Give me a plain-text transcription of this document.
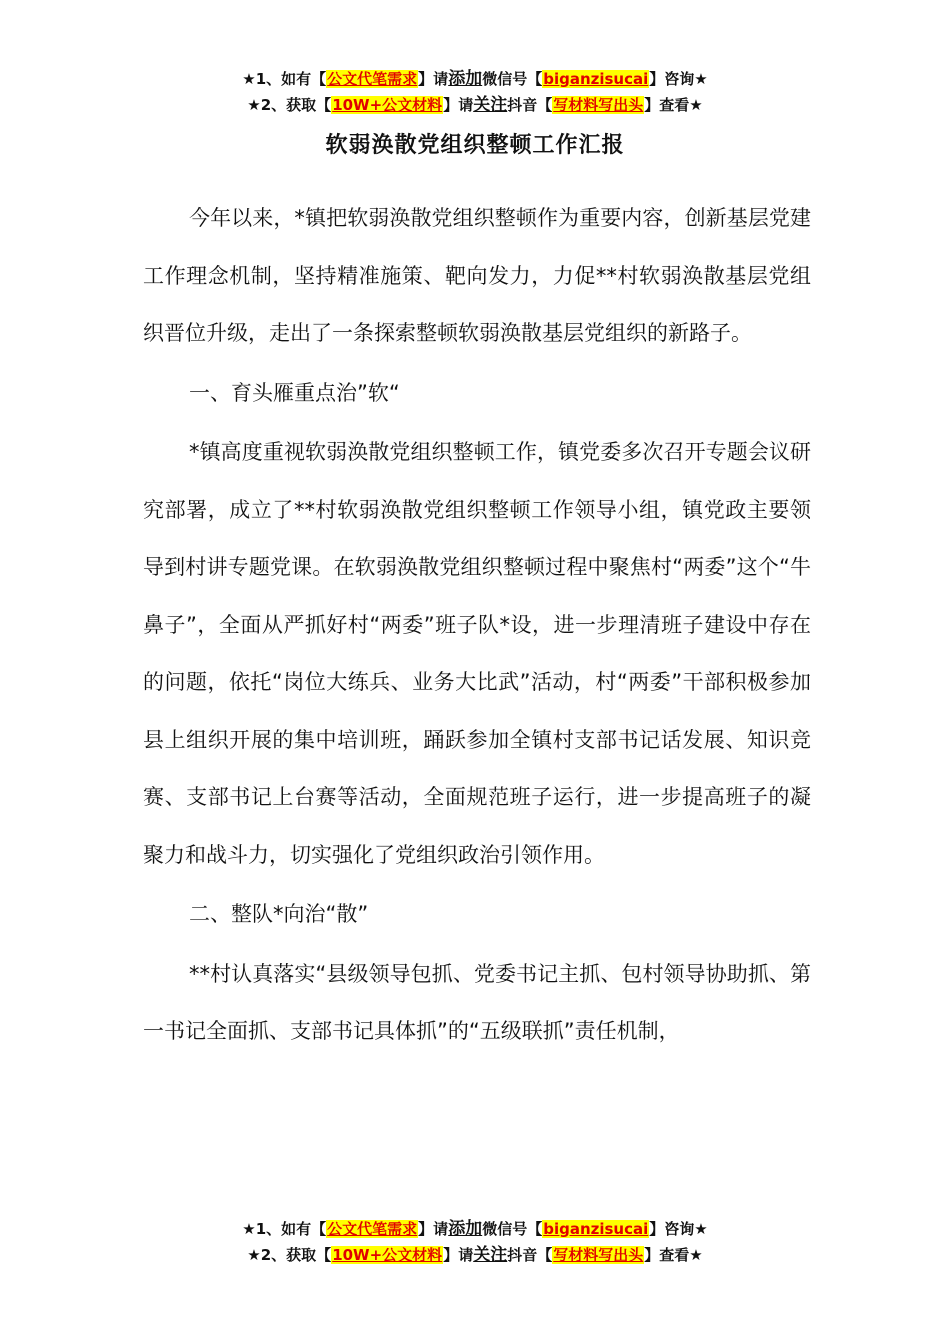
★1、如有【公文代笔需求】请添加微信号【biganzisucai】咨询★
★2、获取【10W+公文材料】请关注抖音【写材料写出头】查看★
软弱涣散党组织整顿工作汇报

今年以来，*镇把软弱涣散党组织整顿作为重要内容，创新基层党建工作理念机制，坚持精准施策、靶向发力，力促**村软弱涣散基层党组织晋位升级，走出了一条探索整顿软弱涣散基层党组织的新路子。

一、育头雁重点治”软“

*镇高度重视软弱涣散党组织整顿工作，镇党委多次召开专题会议研究部署，成立了**村软弱涣散党组织整顿工作领导小组，镇党政主要领导到村讲专题党课。在软弱涣散党组织整顿过程中聚焦村“两委”这个“牛鼻子”，全面从严抓好村“两委”班子队*设，进一步理清班子建设中存在的问题，依托“岗位大练兵、业务大比武”活动，村“两委”干部积极参加县上组织开展的集中培训班，踊跃参加全镇村支部书记话发展、知识竞赛、支部书记上台赛等活动，全面规范班子运行，进一步提高班子的凝聚力和战斗力，切实强化了党组织政治引领作用。

二、整队*向治“散”

**村认真落实“县级领导包抓、党委书记主抓、包村领导协助抓、第一书记全面抓、支部书记具体抓”的“五级联抓”责任机制，

★1、如有【公文代笔需求】请添加微信号【biganzisucai】咨询★
★2、获取【10W+公文材料】请关注抖音【写材料写出头】查看★
